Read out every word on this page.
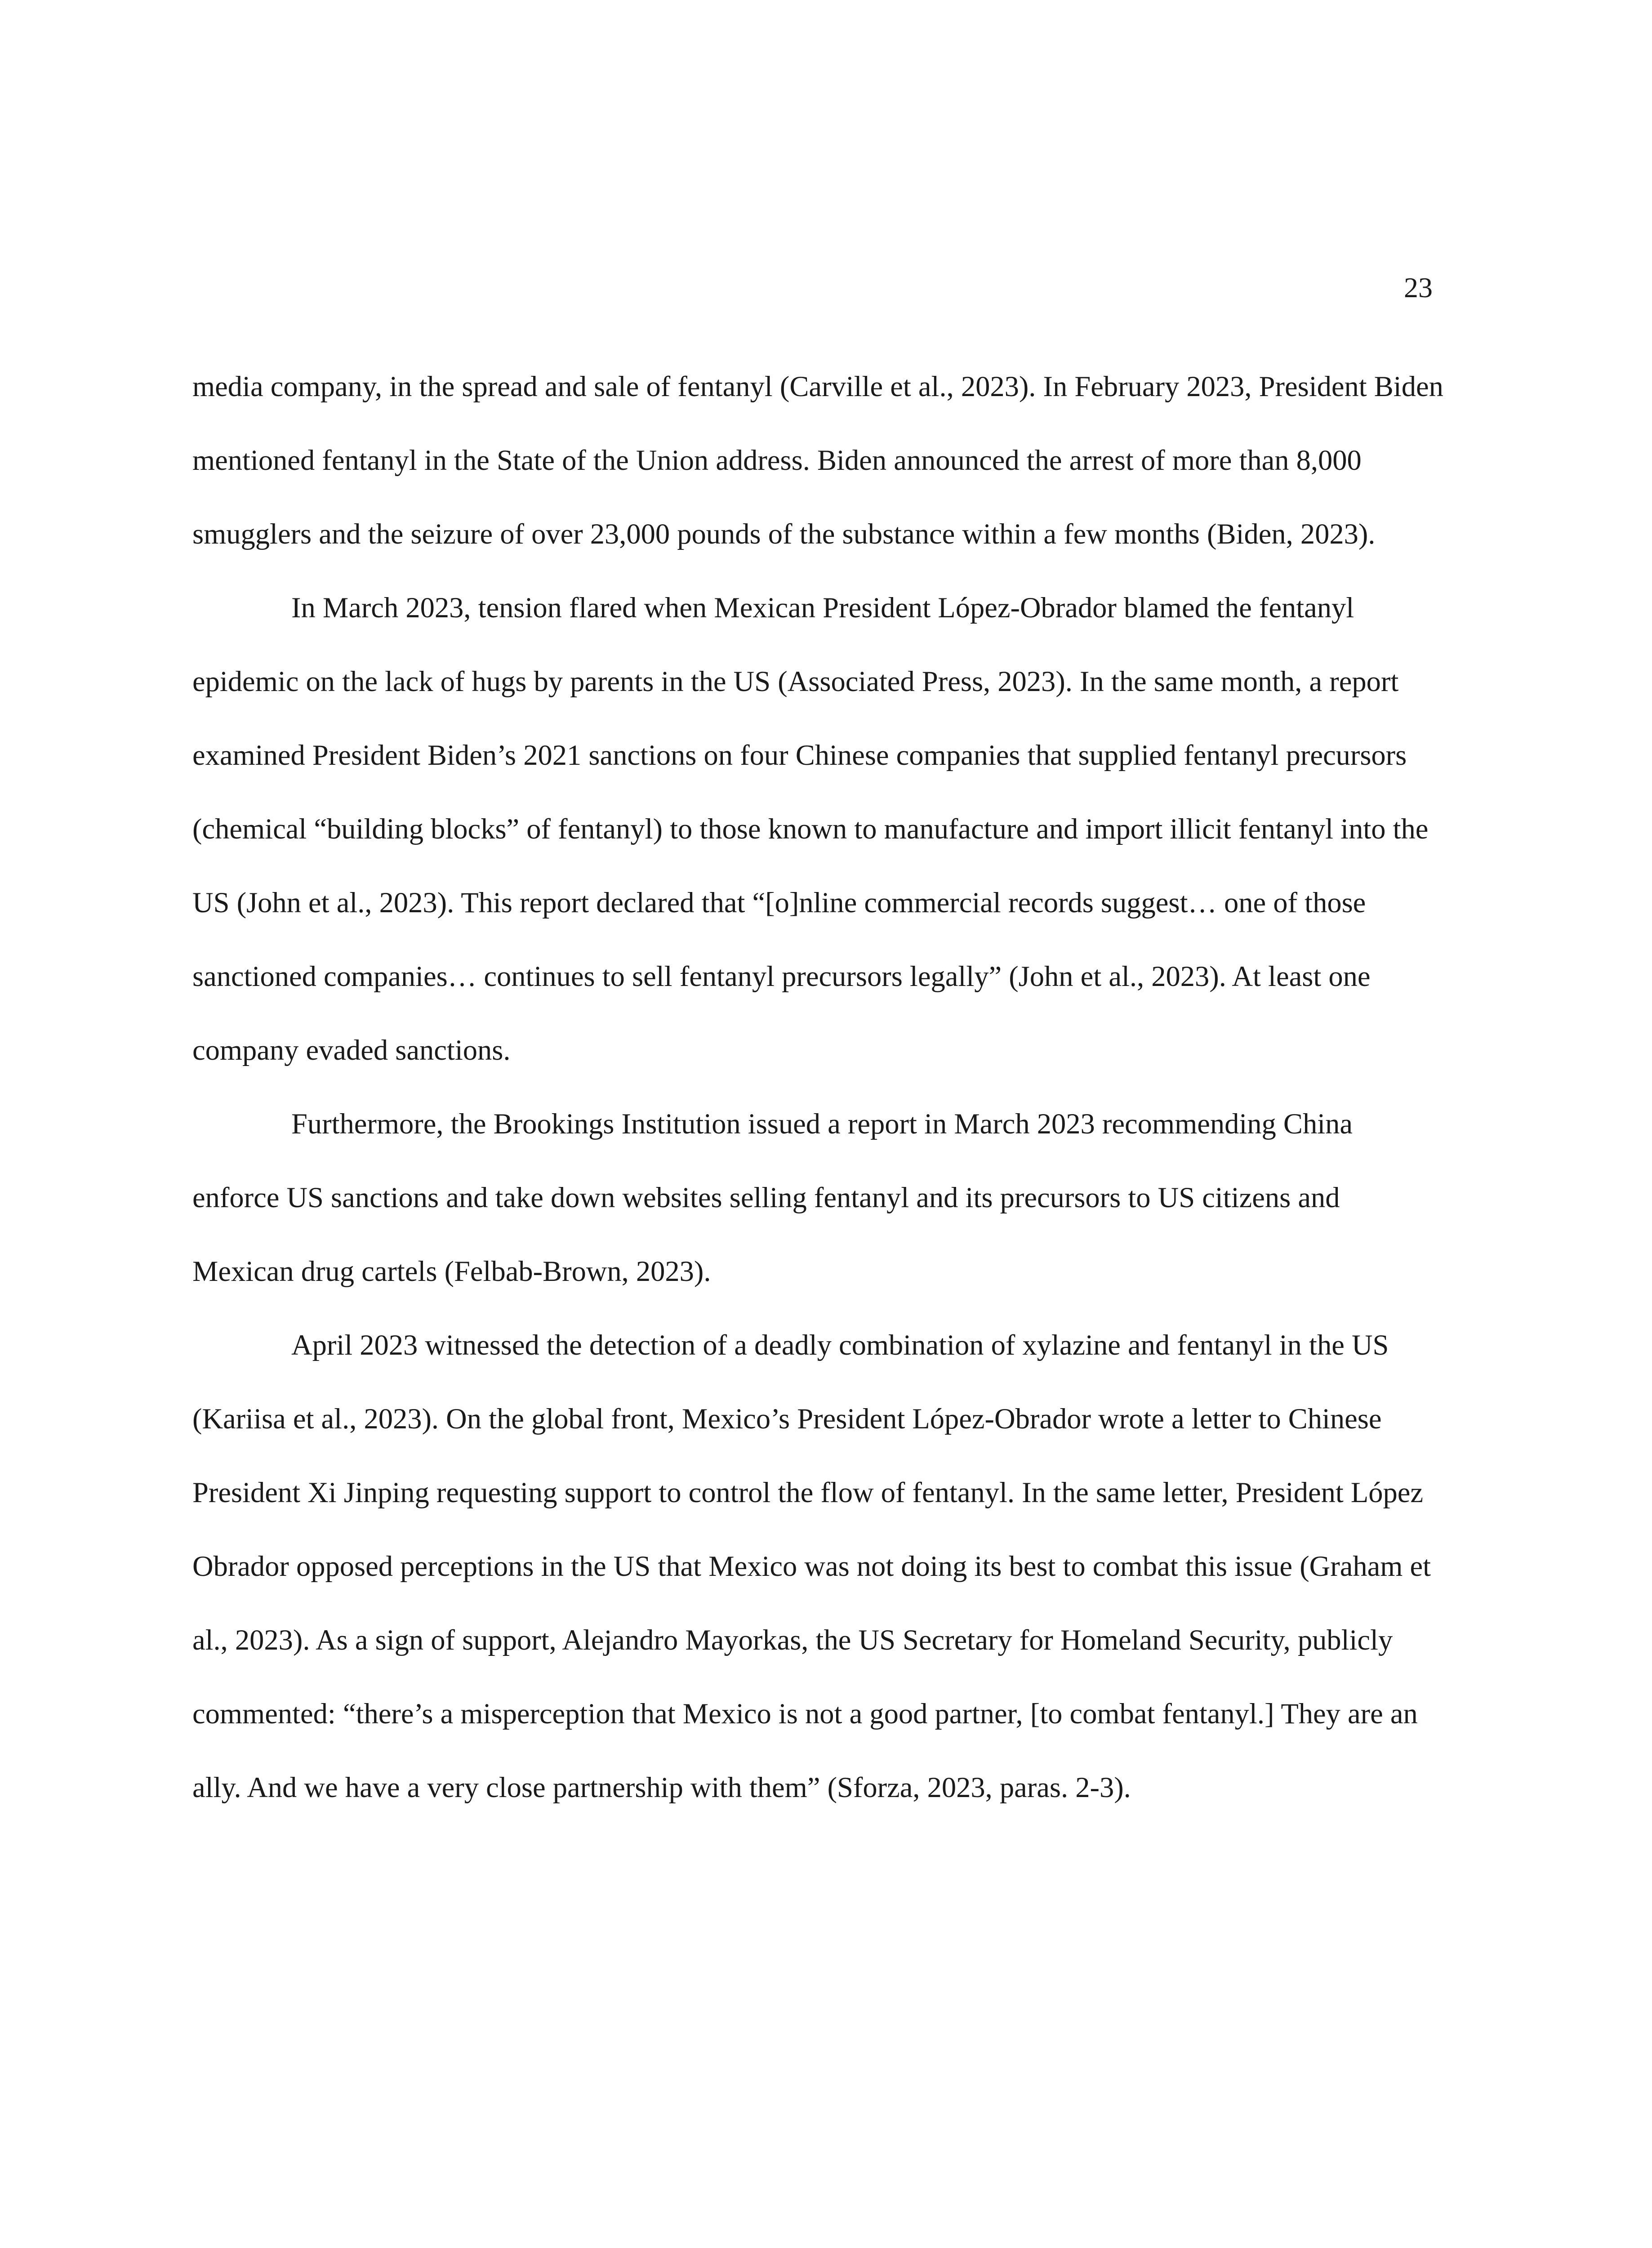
23

media company, in the spread and sale of fentanyl (Carville et al., 2023). In February 2023, President Biden mentioned fentanyl in the State of the Union address. Biden announced the arrest of more than 8,000 smugglers and the seizure of over 23,000 pounds of the substance within a few months (Biden, 2023).

In March 2023, tension flared when Mexican President López-Obrador blamed the fentanyl epidemic on the lack of hugs by parents in the US (Associated Press, 2023). In the same month, a report examined President Biden’s 2021 sanctions on four Chinese companies that supplied fentanyl precursors (chemical “building blocks” of fentanyl) to those known to manufacture and import illicit fentanyl into the US (John et al., 2023). This report declared that “[o]nline commercial records suggest… one of those sanctioned companies… continues to sell fentanyl precursors legally” (John et al., 2023). At least one company evaded sanctions.

Furthermore, the Brookings Institution issued a report in March 2023 recommending China enforce US sanctions and take down websites selling fentanyl and its precursors to US citizens and Mexican drug cartels (Felbab-Brown, 2023).

April 2023 witnessed the detection of a deadly combination of xylazine and fentanyl in the US (Kariisa et al., 2023). On the global front, Mexico’s President López-Obrador wrote a letter to Chinese President Xi Jinping requesting support to control the flow of fentanyl. In the same letter, President López Obrador opposed perceptions in the US that Mexico was not doing its best to combat this issue (Graham et al., 2023). As a sign of support, Alejandro Mayorkas, the US Secretary for Homeland Security, publicly commented: “there’s a misperception that Mexico is not a good partner, [to combat fentanyl.] They are an ally. And we have a very close partnership with them” (Sforza, 2023, paras. 2-3).
